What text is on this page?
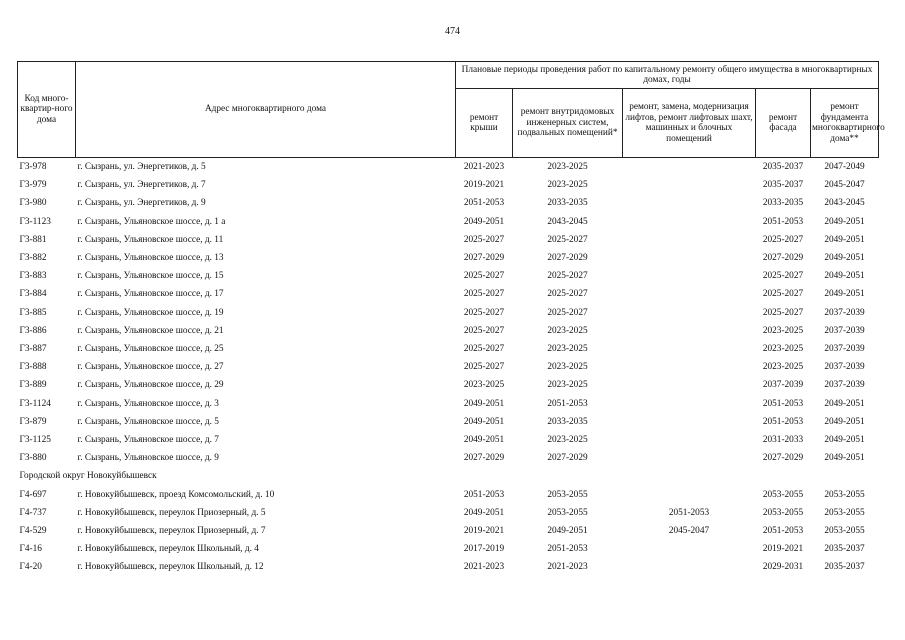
474
Код много-квартир-ного дома	Адрес многоквартирного дома	Плановые периоды проведения работ по капитальному ремонту общего имущества в многоквартирных домах, годы				
		ремонт крыши	ремонт внутридомовых инженерных систем, подвальных помещений*	ремонт, замена, модернизация лифтов, ремонт лифтовых шахт, машинных и блочных помещений	ремонт фасада	ремонт фундамента многоквартирного дома**
Г3-978	г. Сызрань, ул. Энергетиков, д. 5	2021-2023	2023-2025		2035-2037	2047-2049
Г3-979	г. Сызрань, ул. Энергетиков, д. 7	2019-2021	2023-2025		2035-2037	2045-2047
Г3-980	г. Сызрань, ул. Энергетиков, д. 9	2051-2053	2033-2035		2033-2035	2043-2045
Г3-1123	г. Сызрань, Ульяновское шоссе, д. 1 а	2049-2051	2043-2045		2051-2053	2049-2051
Г3-881	г. Сызрань, Ульяновское шоссе, д. 11	2025-2027	2025-2027		2025-2027	2049-2051
Г3-882	г. Сызрань, Ульяновское шоссе, д. 13	2027-2029	2027-2029		2027-2029	2049-2051
Г3-883	г. Сызрань, Ульяновское шоссе, д. 15	2025-2027	2025-2027		2025-2027	2049-2051
Г3-884	г. Сызрань, Ульяновское шоссе, д. 17	2025-2027	2025-2027		2025-2027	2049-2051
Г3-885	г. Сызрань, Ульяновское шоссе, д. 19	2025-2027	2025-2027		2025-2027	2037-2039
Г3-886	г. Сызрань, Ульяновское шоссе, д. 21	2025-2027	2023-2025		2023-2025	2037-2039
Г3-887	г. Сызрань, Ульяновское шоссе, д. 25	2025-2027	2023-2025		2023-2025	2037-2039
Г3-888	г. Сызрань, Ульяновское шоссе, д. 27	2025-2027	2023-2025		2023-2025	2037-2039
Г3-889	г. Сызрань, Ульяновское шоссе, д. 29	2023-2025	2023-2025		2037-2039	2037-2039
Г3-1124	г. Сызрань, Ульяновское шоссе, д. 3	2049-2051	2051-2053		2051-2053	2049-2051
Г3-879	г. Сызрань, Ульяновское шоссе, д. 5	2049-2051	2033-2035		2051-2053	2049-2051
Г3-1125	г. Сызрань, Ульяновское шоссе, д. 7	2049-2051	2023-2025		2031-2033	2049-2051
Г3-880	г. Сызрань, Ульяновское шоссе, д. 9	2027-2029	2027-2029		2027-2029	2049-2051
Городской округ Новокуйбышевск						
Г4-697	г. Новокуйбышевск, проезд Комсомольский, д. 10	2051-2053	2053-2055		2053-2055	2053-2055
Г4-737	г. Новокуйбышевск, переулок Приозерный, д. 5	2049-2051	2053-2055	2051-2053	2053-2055	2053-2055
Г4-529	г. Новокуйбышевск, переулок Приозерный, д. 7	2019-2021	2049-2051	2045-2047	2051-2053	2053-2055
Г4-16	г. Новокуйбышевск, переулок Школьный, д. 4	2017-2019	2051-2053		2019-2021	2035-2037
Г4-20	г. Новокуйбышевск, переулок Школьный, д. 12	2021-2023	2021-2023		2029-2031	2035-2037
